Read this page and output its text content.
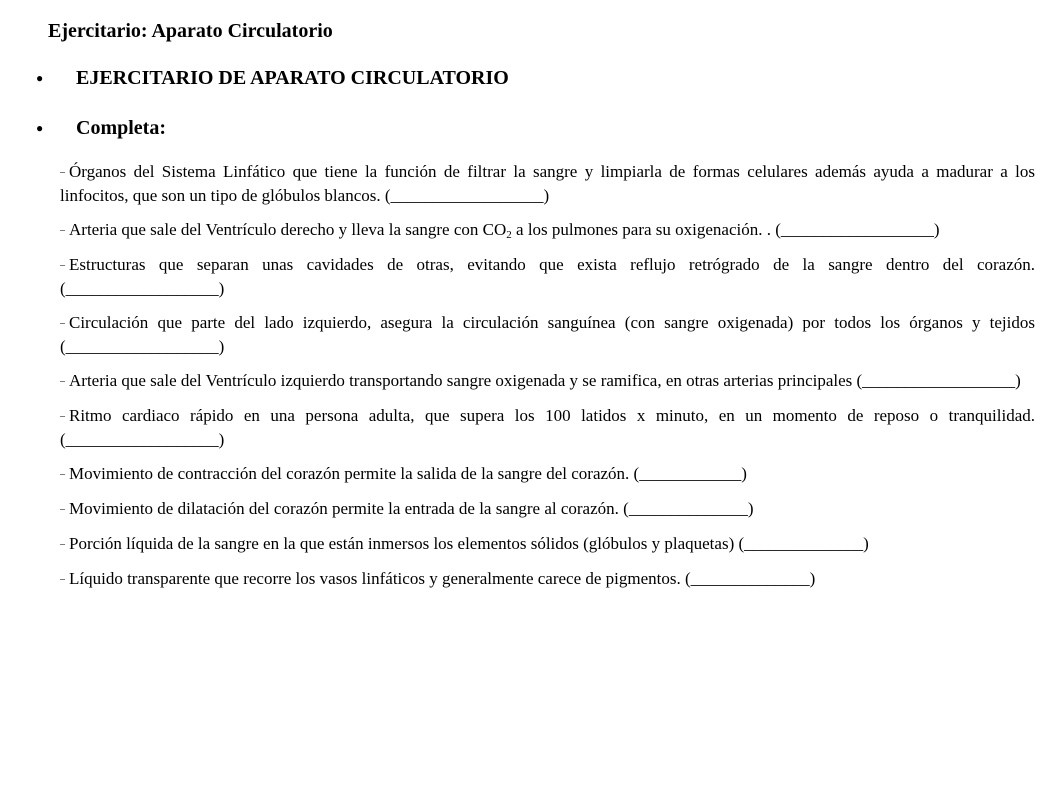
Ejercitario: Aparato Circulatorio
● EJERCITARIO DE APARATO CIRCULATORIO
● Completa:

– Órganos del Sistema Linfático que tiene la función de filtrar la sangre y limpiarla de formas celulares además ayuda a madurar a los linfocitos, que son un tipo de glóbulos blancos. (__________________)

– Arteria que sale del Ventrículo derecho y lleva la sangre con $CO_2$ a los pulmones para su oxigenación. . (__________________)

– Estructuras que separan unas cavidades de otras, evitando que exista reflujo retrógrado de la sangre dentro del corazón. (__________________)

– Circulación que parte del lado izquierdo, asegura la circulación sanguínea (con sangre oxigenada) por todos los órganos y tejidos (__________________)

– Arteria que sale del Ventrículo izquierdo transportando sangre oxigenada y se ramifica, en otras arterias principales (__________________)

– Ritmo cardiaco rápido en una persona adulta, que supera los 100 latidos x minuto, en un momento de reposo o tranquilidad. (__________________)

– Movimiento de contracción del corazón permite la salida de la sangre del corazón. (____________)

– Movimiento de dilatación del corazón permite la entrada de la sangre al corazón. (______________)

– Porción líquida de la sangre en la que están inmersos los elementos sólidos (glóbulos y plaquetas) (______________)

– Líquido transparente que recorre los vasos linfáticos y generalmente carece de pigmentos. (______________)
